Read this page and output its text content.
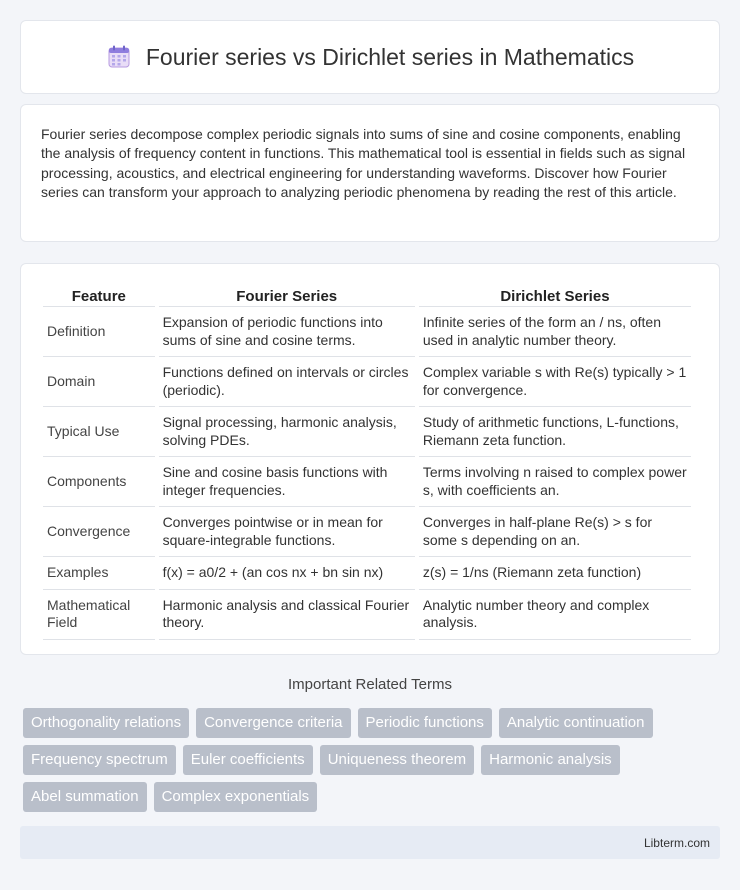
Fourier series vs Dirichlet series in Mathematics

Fourier series decompose complex periodic signals into sums of sine and cosine components, enabling the analysis of frequency content in functions. This mathematical tool is essential in fields such as signal processing, acoustics, and electrical engineering for understanding waveforms. Discover how Fourier series can transform your approach to analyzing periodic phenomena by reading the rest of this article.

Feature	Fourier Series	Dirichlet Series
Definition	Expansion of periodic functions into sums of sine and cosine terms.	Infinite series of the form an / ns, often used in analytic number theory.
Domain	Functions defined on intervals or circles (periodic).	Complex variable s with Re(s) typically > 1 for convergence.
Typical Use	Signal processing, harmonic analysis, solving PDEs.	Study of arithmetic functions, L-functions, Riemann zeta function.
Components	Sine and cosine basis functions with integer frequencies.	Terms involving n raised to complex power s, with coefficients an.
Convergence	Converges pointwise or in mean for square-integrable functions.	Converges in half-plane Re(s) > s for some s depending on an.
Examples	f(x) = a0/2 + (an cos nx + bn sin nx)	z(s) = 1/ns (Riemann zeta function)
Mathematical Field	Harmonic analysis and classical Fourier theory.	Analytic number theory and complex analysis.
Important Related Terms
Orthogonality relations	Convergence criteria	Periodic functions	Analytic continuation
Frequency spectrum	Euler coefficients	Uniqueness theorem	Harmonic analysis
Abel summation	Complex exponentials
Libterm.com
